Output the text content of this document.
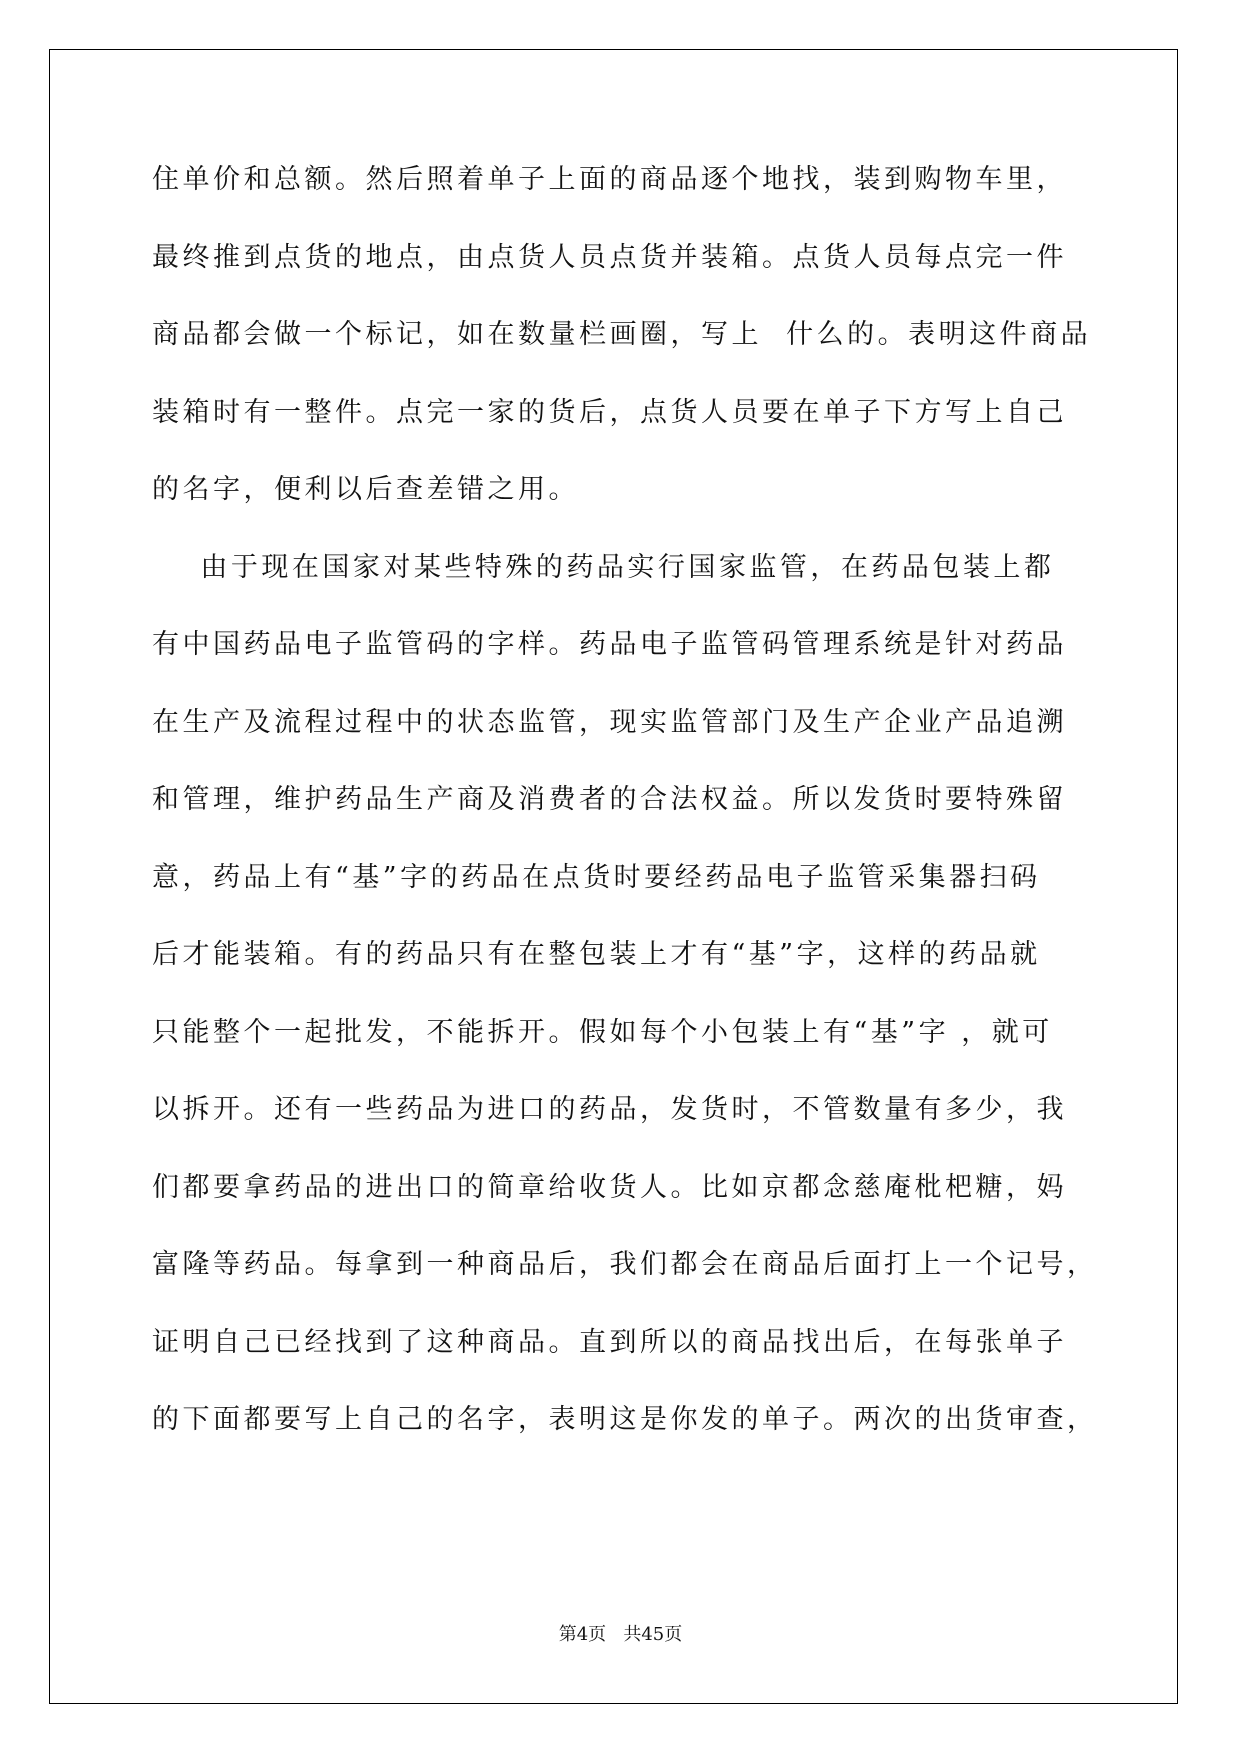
住单价和总额。然后照着单子上面的商品逐个地找，装到购物车里，
最终推到点货的地点，由点货人员点货并装箱。点货人员每点完一件
商品都会做一个标记，如在数量栏画圈，写上  什么的。表明这件商品
装箱时有一整件。点完一家的货后，点货人员要在单子下方写上自己
的名字，便利以后查差错之用。
由于现在国家对某些特殊的药品实行国家监管，在药品包装上都
有中国药品电子监管码的字样。药品电子监管码管理系统是针对药品
在生产及流程过程中的状态监管，现实监管部门及生产企业产品追溯
和管理，维护药品生产商及消费者的合法权益。所以发货时要特殊留
意，药品上有“基”字的药品在点货时要经药品电子监管采集器扫码
后才能装箱。有的药品只有在整包装上才有“基”字，这样的药品就
只能整个一起批发，不能拆开。假如每个小包装上有“基”字 ，就可
以拆开。还有一些药品为进口的药品，发货时，不管数量有多少，我
们都要拿药品的进出口的简章给收货人。比如京都念慈庵枇杷糖，妈
富隆等药品。每拿到一种商品后，我们都会在商品后面打上一个记号，
证明自己已经找到了这种商品。直到所以的商品找出后，在每张单子
的下面都要写上自己的名字，表明这是你发的单子。两次的出货审查，
第4页   共45页
